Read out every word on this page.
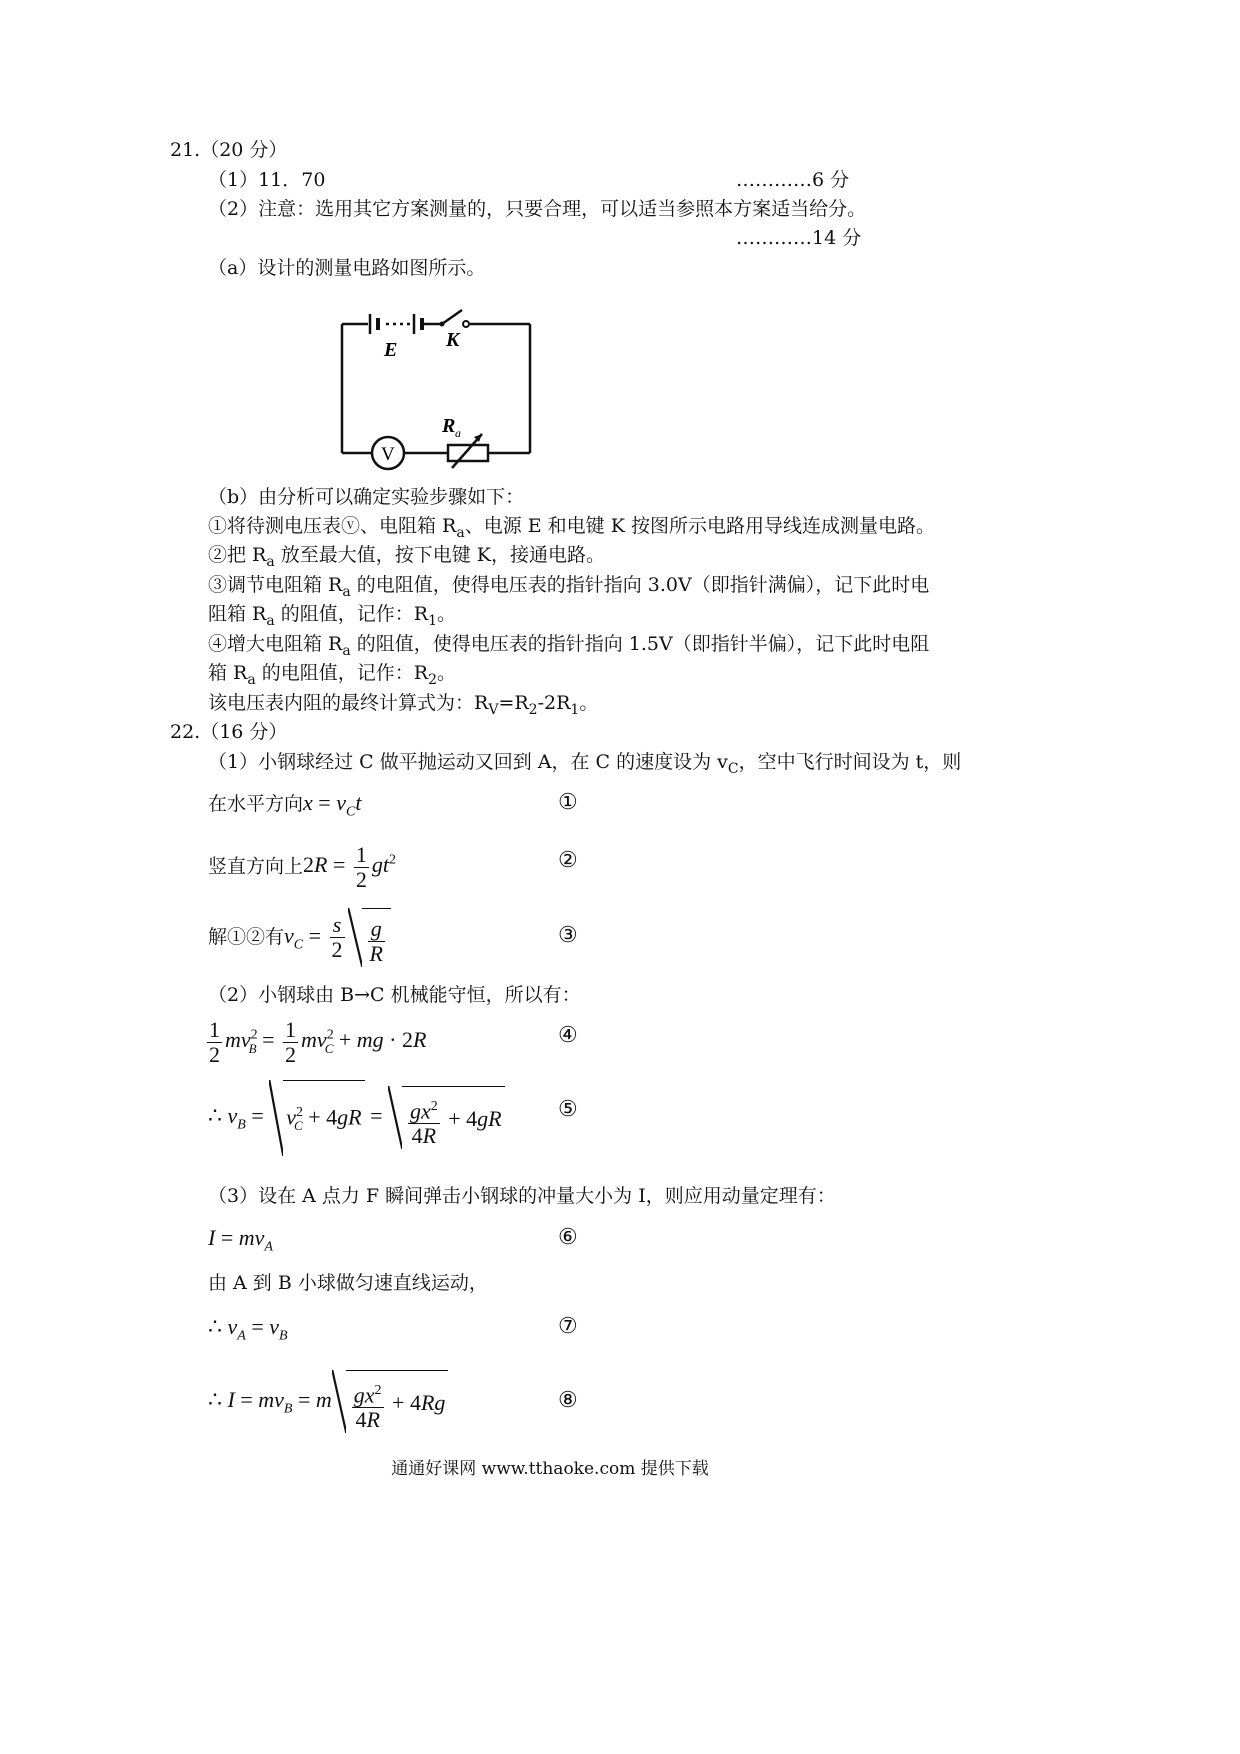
21.（20 分）
（1）11．70	…………6 分
（2）注意：选用其它方案测量的，只要合理，可以适当参照本方案适当给分。
…………14 分
（a）设计的测量电路如图所示。
E K
R a
V
（b）由分析可以确定实验步骤如下：
①将待测电压表ⓥ、电阻箱 $R_a$、电源 E 和电键 K 按图所示电路用导线连成测量电路。
②把 $R_a$ 放至最大值，按下电键 K，接通电路。
③调节电阻箱 $R_a$ 的电阻值，使得电压表的指针指向 3.0V（即指针满偏），记下此时电
阻箱 $R_a$ 的阻值，记作：$R_1$。
④增大电阻箱 $R_a$ 的阻值，使得电压表的指针指向 1.5V（即指针半偏），记下此时电阻
箱 $R_a$ 的电阻值，记作：$R_2$。
该电压表内阻的最终计算式为：$R_V=R_2-2R_1$。
22.（16 分）
（1）小钢球经过 C 做平抛运动又回到 A，在 C 的速度设为 $v_C$，空中飞行时间设为 t，则
在水平方向$x = v_Ct$	①
竖直方向上$2R = \frac{1}{2} gt^2$	②
解①②有$v_C = \frac{s}{2} \frac{g}{R}$	③
（2）小钢球由 B→C 机械能守恒，所以有：
$\frac{1}{2} mv^2_B = \frac{1}{2} mv^2_C$ + mg · 2R	④
∴ $v_B = v^2_C + 4gR = \frac{gx^2}{4R} + 4gR$	⑤
（3）设在 A 点力 F 瞬间弹击小钢球的冲量大小为 I，则应用动量定理有：
$I = mv_A$	⑥
由 A 到 B 小球做匀速直线运动，
∴ $v_A = v_B$	⑦
∴ $I = mv_B = m \frac{gx^2}{4R} + 4Rg$	⑧
通通好课网 www.tthaoke.com 提供下载
